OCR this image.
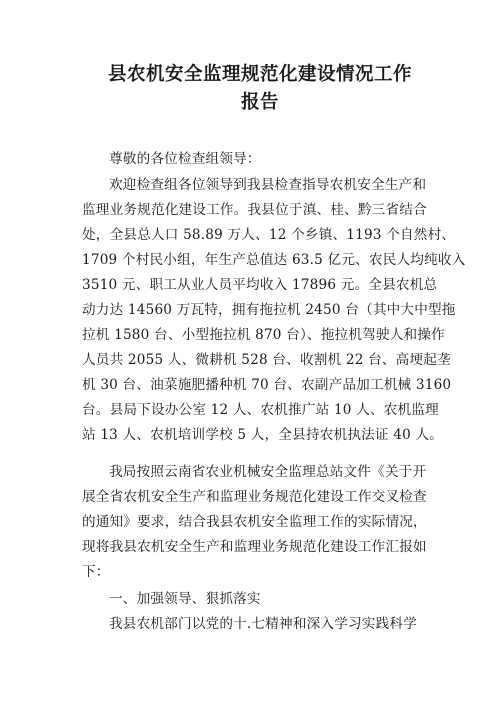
县农机安全监理规范化建设情况工作
报告
尊敬的各位检查组领导：
欢迎检查组各位领导到我县检查指导农机安全生产和
监理业务规范化建设工作。我县位于滇、桂、黔三省结合
处，全县总人口 58.89 万人、12 个乡镇、1193 个自然村、
1709 个村民小组，年生产总值达 63.5 亿元、农民人均纯收入
3510 元、职工从业人员平均收入 17896 元。全县农机总
动力达 14560 万瓦特，拥有拖拉机 2450 台（其中大中型拖
拉机 1580 台、小型拖拉机 870 台）、拖拉机驾驶人和操作
人员共 2055 人、微耕机 528 台、收割机 22 台、高埂起垄
机 30 台、油菜施肥播种机 70 台、农副产品加工机械 3160
台。县局下设办公室 12 人、农机推广站 10 人、农机监理
站 13 人、农机培训学校 5 人，全县持农机执法证 40 人。
我局按照云南省农业机械安全监理总站文件《关于开
展全省农机安全生产和监理业务规范化建设工作交叉检查
的通知》要求，结合我县农机安全监理工作的实际情况，
现将我县农机安全生产和监理业务规范化建设工作汇报如
下：
一、加强领导、狠抓落实
我县农机部门以党的十.七精神和深入学习实践科学
